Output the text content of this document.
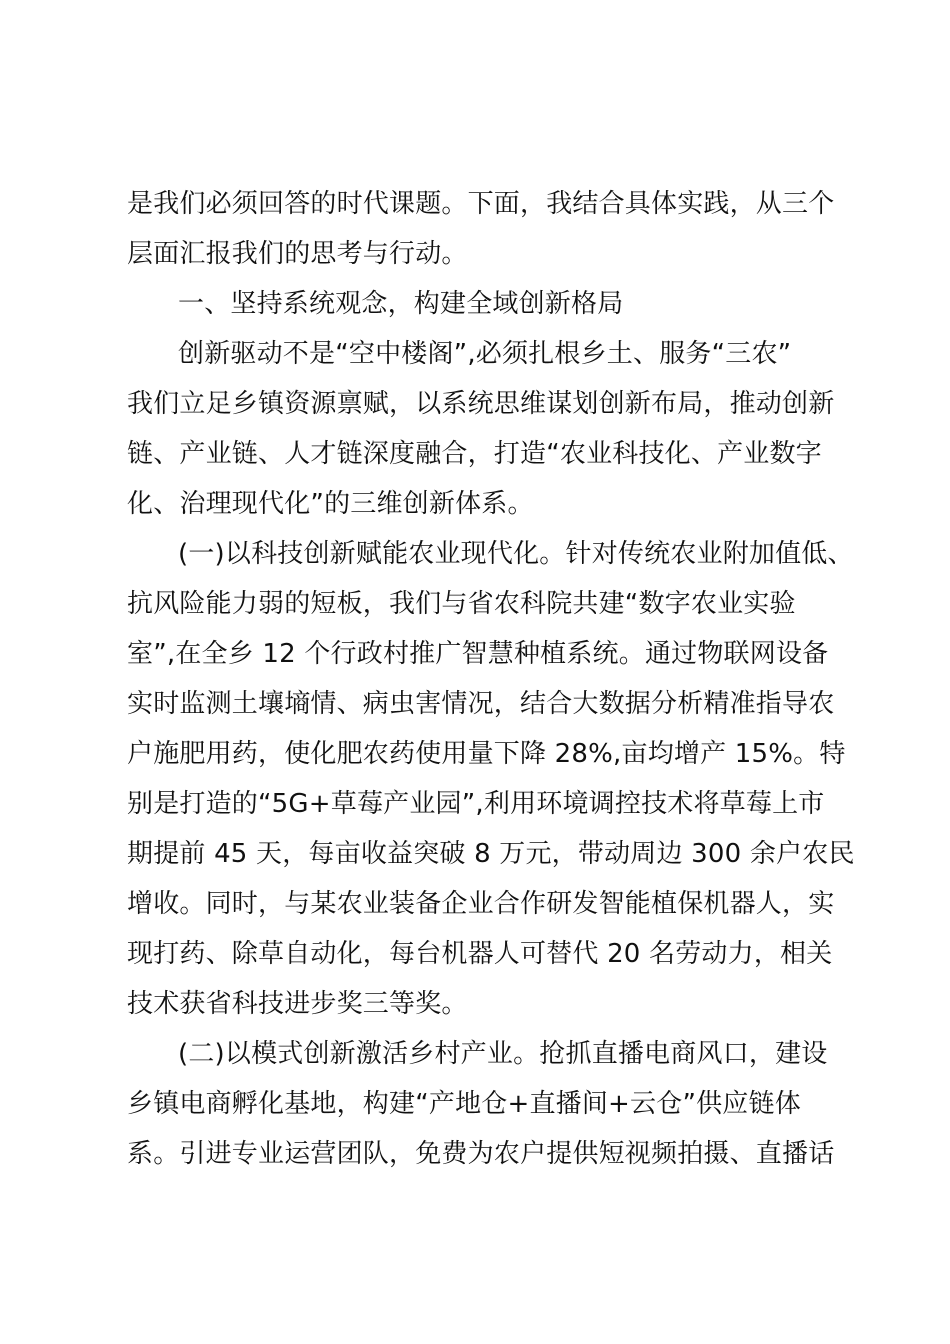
是我们必须回答的时代课题。下面，我结合具体实践，从三个
层面汇报我们的思考与行动。
一、坚持系统观念，构建全域创新格局
创新驱动不是“空中楼阁”,必须扎根乡土、服务“三农”
我们立足乡镇资源禀赋，以系统思维谋划创新布局，推动创新
链、产业链、人才链深度融合，打造“农业科技化、产业数字
化、治理现代化”的三维创新体系。
(一)以科技创新赋能农业现代化。针对传统农业附加值低、
抗风险能力弱的短板，我们与省农科院共建“数字农业实验
室”,在全乡 12 个行政村推广智慧种植系统。通过物联网设备
实时监测土壤墒情、病虫害情况，结合大数据分析精准指导农
户施肥用药，使化肥农药使用量下降 28%,亩均增产 15%。特
别是打造的“5G+草莓产业园”,利用环境调控技术将草莓上市
期提前 45 天，每亩收益突破 8 万元，带动周边 300 余户农民
增收。同时，与某农业装备企业合作研发智能植保机器人，实
现打药、除草自动化，每台机器人可替代 20 名劳动力，相关
技术获省科技进步奖三等奖。
(二)以模式创新激活乡村产业。抢抓直播电商风口，建设
乡镇电商孵化基地，构建“产地仓+直播间+云仓”供应链体
系。引进专业运营团队，免费为农户提供短视频拍摄、直播话
